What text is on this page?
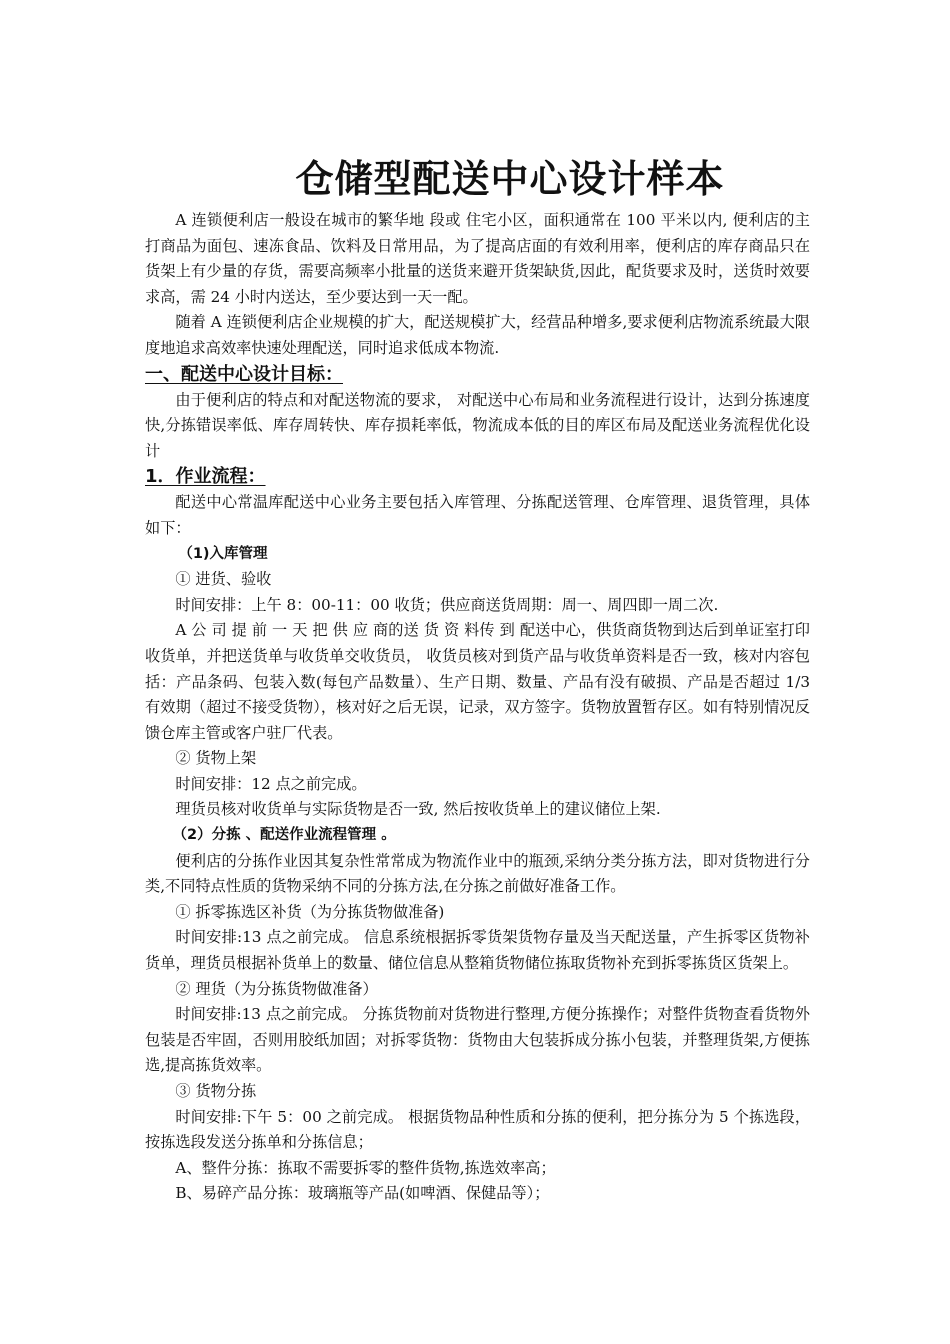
仓储型配送中心设计样本

A 连锁便利店一般设在城市的繁华地 段或 住宅小区，面积通常在 100 平米以内, 便利店的主打商品为面包、速冻食品、饮料及日常用品，为了提高店面的有效利用率，便利店的库存商品只在货架上有少量的存货，需要高频率小批量的送货来避开货架缺货,因此，配货要求及时，送货时效要求高，需 24 小时内送达，至少要达到一天一配。

随着 A 连锁便利店企业规模的扩大，配送规模扩大，经营品种增多,要求便利店物流系统最大限度地追求高效率快速处理配送，同时追求低成本物流.

一、配送中心设计目标：

由于便利店的特点和对配送物流的要求， 对配送中心布局和业务流程进行设计，达到分拣速度快,分拣错误率低、库存周转快、库存损耗率低，物流成本低的目的库区布局及配送业务流程优化设计

1．作业流程：

配送中心常温库配送中心业务主要包括入库管理、分拣配送管理、仓库管理、退货管理，具体如下：

（1)入库管理

① 进货、验收

时间安排：上午 8：00-11：00 收货；供应商送货周期：周一、周四即一周二次.

A 公 司 提 前 一 天 把 供 应 商的送 货 资 料传 到 配送中心，供货商货物到达后到单证室打印收货单，并把送货单与收货单交收货员， 收货员核对到货产品与收货单资料是否一致，核对内容包括：产品条码、包装入数(每包产品数量）、生产日期、数量、产品有没有破损、产品是否超过 1/3 有效期（超过不接受货物），核对好之后无误，记录，双方签字。货物放置暂存区。如有特别情况反馈仓库主管或客户驻厂代表。

② 货物上架

时间安排：12 点之前完成。

理货员核对收货单与实际货物是否一致, 然后按收货单上的建议储位上架.

（2）分拣 、配送作业流程管理 。

便利店的分拣作业因其复杂性常常成为物流作业中的瓶颈,采纳分类分拣方法，即对货物进行分类,不同特点性质的货物采纳不同的分拣方法,在分拣之前做好准备工作。

① 拆零拣选区补货（为分拣货物做准备)

时间安排:13 点之前完成。 信息系统根据拆零货架货物存量及当天配送量，产生拆零区货物补货单，理货员根据补货单上的数量、储位信息从整箱货物储位拣取货物补充到拆零拣货区货架上。

② 理货（为分拣货物做准备）

时间安排:13 点之前完成。 分拣货物前对货物进行整理,方便分拣操作；对整件货物查看货物外包装是否牢固，否则用胶纸加固；对拆零货物：货物由大包装拆成分拣小包装，并整理货架,方便拣选,提高拣货效率。

③ 货物分拣

时间安排:下午 5：00 之前完成。 根据货物品种性质和分拣的便利，把分拣分为 5 个拣选段，按拣选段发送分拣单和分拣信息；

A、整件分拣：拣取不需要拆零的整件货物,拣选效率高；

B、易碎产品分拣：玻璃瓶等产品(如啤酒、保健品等）；
